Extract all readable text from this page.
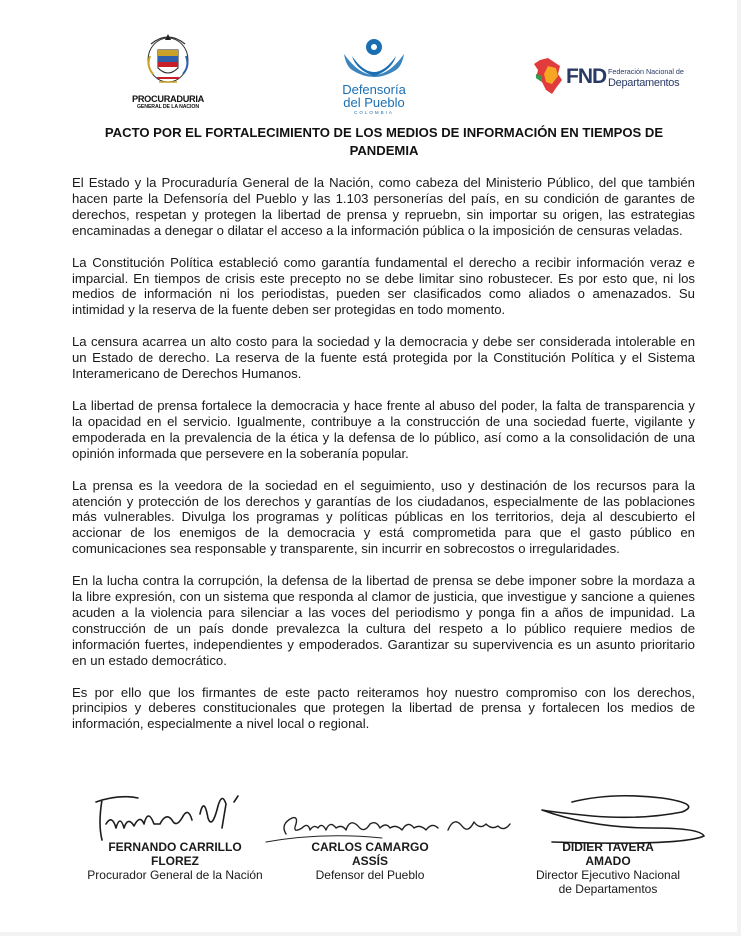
PROCURADURIA
GENERAL DE LA NACION
Defensoría
del Pueblo
COLOMBIA
FND Federación Nacional de
Departamentos
PACTO POR EL FORTALECIMIENTO DE LOS MEDIOS DE INFORMACIÓN EN TIEMPOS DE PANDEMIA

El Estado y la Procuraduría General de la Nación, como cabeza del Ministerio Público, del que también hacen parte la Defensoría del Pueblo y las 1.103 personerías del país, en su condición de garantes de derechos, respetan y protegen la libertad de prensa y repruebn, sin importar su origen, las estrategias encaminadas a denegar o dilatar el acceso a la información pública o la imposición de censuras veladas.

La Constitución Política estableció como garantía fundamental el derecho a recibir información veraz e imparcial. En tiempos de crisis este precepto no se debe limitar sino robustecer. Es por esto que, ni los medios de información ni los periodistas, pueden ser clasificados como aliados o amenazados. Su intimidad y la reserva de la fuente deben ser protegidas en todo momento.

La censura acarrea un alto costo para la sociedad y la democracia y debe ser considerada intolerable en un Estado de derecho. La reserva de la fuente está protegida por la Constitución Política y el Sistema Interamericano de Derechos Humanos.

La libertad de prensa fortalece la democracia y hace frente al abuso del poder, la falta de transparencia y la opacidad en el servicio. Igualmente, contribuye a la construcción de una sociedad fuerte, vigilante y empoderada en la prevalencia de la ética y la defensa de lo público, así como a la consolidación de una opinión informada que persevere en la soberanía popular.

La prensa es la veedora de la sociedad en el seguimiento, uso y destinación de los recursos para la atención y protección de los derechos y garantías de los ciudadanos, especialmente de las poblaciones más vulnerables. Divulga los programas y políticas públicas en los territorios, deja al descubierto el accionar de los enemigos de la democracia y está comprometida para que el gasto público en comunicaciones sea responsable y transparente, sin incurrir en sobrecostos o irregularidades.

En la lucha contra la corrupción, la defensa de la libertad de prensa se debe imponer sobre la mordaza a la libre expresión, con un sistema que responda al clamor de justicia, que investigue y sancione a quienes acuden a la violencia para silenciar a las voces del periodismo y ponga fin a años de impunidad. La construcción de un país donde prevalezca la cultura del respeto a lo público requiere medios de información fuertes, independientes y empoderados. Garantizar su supervivencia es un asunto prioritario en un estado democrático.

Es por ello que los firmantes de este pacto reiteramos hoy nuestro compromiso con los derechos, principios y deberes constitucionales que protegen la libertad de prensa y fortalecen los medios de información, especialmente a nivel local o regional.

FERNANDO CARRILLO
FLOREZ
Procurador General de la Nación
CARLOS CAMARGO
ASSÍS
Defensor del Pueblo
DIDIER TAVERA
AMADO
Director Ejecutivo Nacional
de Departamentos
